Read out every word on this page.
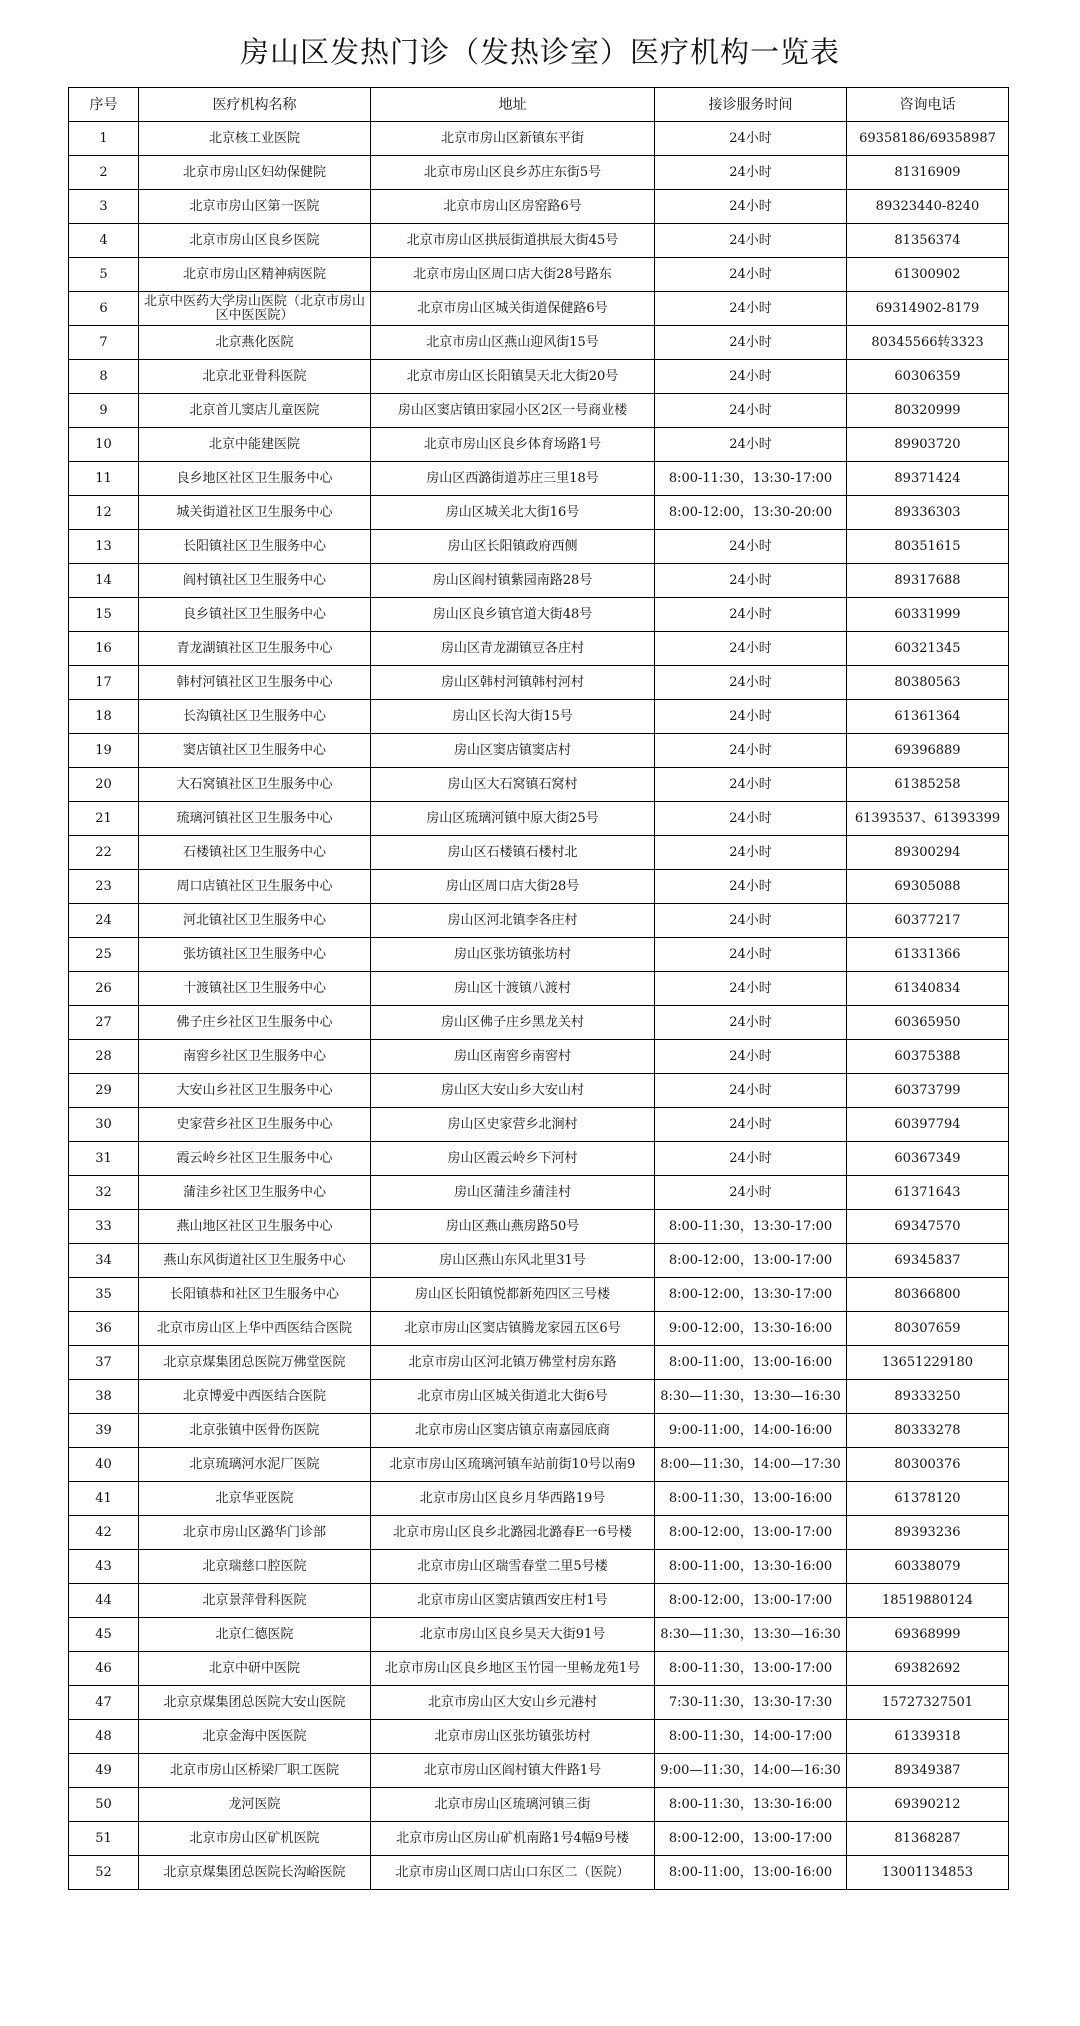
房山区发热门诊（发热诊室）医疗机构一览表
序号	医疗机构名称	地址	接诊服务时间	咨询电话
1	北京核工业医院	北京市房山区新镇东平街	24小时	69358186/69358987
2	北京市房山区妇幼保健院	北京市房山区良乡苏庄东街5号	24小时	81316909
3	北京市房山区第一医院	北京市房山区房窑路6号	24小时	89323440-8240
4	北京市房山区良乡医院	北京市房山区拱辰街道拱辰大街45号	24小时	81356374
5	北京市房山区精神病医院	北京市房山区周口店大街28号路东	24小时	61300902
6	北京中医药大学房山医院（北京市房山区中医医院）	北京市房山区城关街道保健路6号	24小时	69314902-8179
7	北京燕化医院	北京市房山区燕山迎风街15号	24小时	80345566转3323
8	北京北亚骨科医院	北京市房山区长阳镇昊天北大街20号	24小时	60306359
9	北京首儿窦店儿童医院	房山区窦店镇田家园小区2区一号商业楼	24小时	80320999
10	北京中能建医院	北京市房山区良乡体育场路1号	24小时	89903720
11	良乡地区社区卫生服务中心	房山区西潞街道苏庄三里18号	8:00-11:30，13:30-17:00	89371424
12	城关街道社区卫生服务中心	房山区城关北大街16号	8:00-12:00，13:30-20:00	89336303
13	长阳镇社区卫生服务中心	房山区长阳镇政府西侧	24小时	80351615
14	阎村镇社区卫生服务中心	房山区阎村镇紫园南路28号	24小时	89317688
15	良乡镇社区卫生服务中心	房山区良乡镇官道大街48号	24小时	60331999
16	青龙湖镇社区卫生服务中心	房山区青龙湖镇豆各庄村	24小时	60321345
17	韩村河镇社区卫生服务中心	房山区韩村河镇韩村河村	24小时	80380563
18	长沟镇社区卫生服务中心	房山区长沟大街15号	24小时	61361364
19	窦店镇社区卫生服务中心	房山区窦店镇窦店村	24小时	69396889
20	大石窝镇社区卫生服务中心	房山区大石窝镇石窝村	24小时	61385258
21	琉璃河镇社区卫生服务中心	房山区琉璃河镇中原大街25号	24小时	61393537、61393399
22	石楼镇社区卫生服务中心	房山区石楼镇石楼村北	24小时	89300294
23	周口店镇社区卫生服务中心	房山区周口店大街28号	24小时	69305088
24	河北镇社区卫生服务中心	房山区河北镇李各庄村	24小时	60377217
25	张坊镇社区卫生服务中心	房山区张坊镇张坊村	24小时	61331366
26	十渡镇社区卫生服务中心	房山区十渡镇八渡村	24小时	61340834
27	佛子庄乡社区卫生服务中心	房山区佛子庄乡黑龙关村	24小时	60365950
28	南窖乡社区卫生服务中心	房山区南窖乡南窖村	24小时	60375388
29	大安山乡社区卫生服务中心	房山区大安山乡大安山村	24小时	60373799
30	史家营乡社区卫生服务中心	房山区史家营乡北涧村	24小时	60397794
31	霞云岭乡社区卫生服务中心	房山区霞云岭乡下河村	24小时	60367349
32	蒲洼乡社区卫生服务中心	房山区蒲洼乡蒲洼村	24小时	61371643
33	燕山地区社区卫生服务中心	房山区燕山燕房路50号	8:00-11:30，13:30-17:00	69347570
34	燕山东风街道社区卫生服务中心	房山区燕山东风北里31号	8:00-12:00，13:00-17:00	69345837
35	长阳镇恭和社区卫生服务中心	房山区长阳镇悦都新苑四区三号楼	8:00-12:00，13:30-17:00	80366800
36	北京市房山区上华中西医结合医院	北京市房山区窦店镇腾龙家园五区6号	9:00-12:00，13:30-16:00	80307659
37	北京京煤集团总医院万佛堂医院	北京市房山区河北镇万佛堂村房东路	8:00-11:00，13:00-16:00	13651229180
38	北京博爱中西医结合医院	北京市房山区城关街道北大街6号	8:30—11:30，13:30—16:30	89333250
39	北京张镇中医骨伤医院	北京市房山区窦店镇京南嘉园底商	9:00-11:00，14:00-16:00	80333278
40	北京琉璃河水泥厂医院	北京市房山区琉璃河镇车站前街10号以南9	8:00—11:30，14:00—17:30	80300376
41	北京华亚医院	北京市房山区良乡月华西路19号	8:00-11:30，13:00-16:00	61378120
42	北京市房山区潞华门诊部	北京市房山区良乡北潞园北潞春E一6号楼	8:00-12:00，13:00-17:00	89393236
43	北京瑞慈口腔医院	北京市房山区瑞雪春堂二里5号楼	8:00-11:00，13:30-16:00	60338079
44	北京景萍骨科医院	北京市房山区窦店镇西安庄村1号	8:00-12:00，13:00-17:00	18519880124
45	北京仁德医院	北京市房山区良乡昊天大街91号	8:30—11:30，13:30—16:30	69368999
46	北京中研中医院	北京市房山区良乡地区玉竹园一里畅龙苑1号	8:00-11:30，13:00-17:00	69382692
47	北京京煤集团总医院大安山医院	北京市房山区大安山乡元港村	7:30-11:30，13:30-17:30	15727327501
48	北京金海中医医院	北京市房山区张坊镇张坊村	8:00-11:30，14:00-17:00	61339318
49	北京市房山区桥梁厂职工医院	北京市房山区阎村镇大件路1号	9:00—11:30，14:00—16:30	89349387
50	龙河医院	北京市房山区琉璃河镇三街	8:00-11:30，13:30-16:00	69390212
51	北京市房山区矿机医院	北京市房山区房山矿机南路1号4幅9号楼	8:00-12:00，13:00-17:00	81368287
52	北京京煤集团总医院长沟峪医院	北京市房山区周口店山口东区二（医院）	8:00-11:00，13:00-16:00	13001134853
